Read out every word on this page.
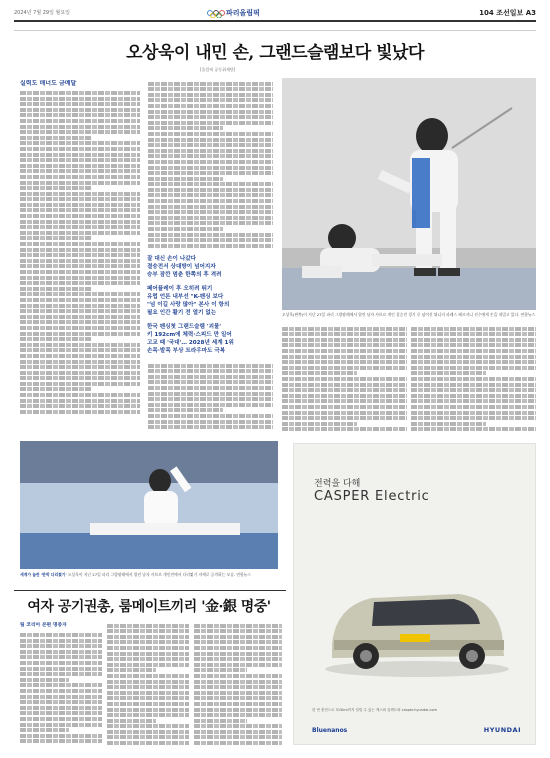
2024년 7월 29일 월요일	파리올림픽	104 조선일보 A3
오상욱이 내민 손, 그랜드슬램보다 빛났다
[올림픽 공동취재단]
실력도 매너도 금메달
잘 대신 손이 나갔다
결승전서 상대방이 넘어지자
승부 잠깐 멈춘 한쪽의 후 격려
페어플레이 후 오히려 뛰기
유럽 언론 내부선 "K-펜싱 보다
"넘 이길 사랑 많아" 본사 이 항의
필요 인간 활기 전 열기 없는
한국 펜싱첫 그랜드슬램 '괴물'
키 192cm에 체력·스피드 만 일어
고교 때 '국대'… 2028년 세계 1위
손목·발목 부상 트라우마도 극복
오상욱(왼쪽)이 지난 27일 파리 그랑팔레에서 열린 남자 사브르 개인 결승전 경기 중 넘어진 튀니지 파레스 페르자니 선수에게 손을 내밀고 있다. 연합뉴스
세계가 놀란 '판박 다리찢기' 오상욱이 지난 27일 파리 그랑팔레에서 열린 남자 사브르 개인전에서 다리찢기 자세로 공격하는 모습. 연합뉴스
여자 공기권총, 룸메이트끼리 '金·銀 명중'
팀 코리아 본편 명중자
전력을 다해
CASPER Electric
한 번 충전으로 315km까지 달릴 수 있는 캐스퍼 일렉트릭 casper.hyundai.com
Bluenanos	HYUNDAI
